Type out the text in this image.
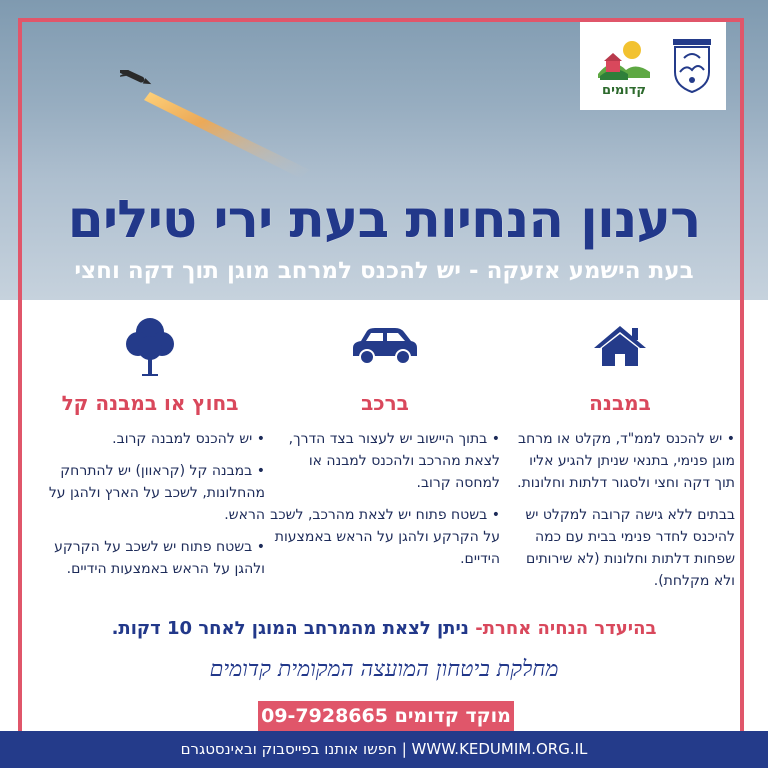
קדומים
רענון הנחיות בעת ירי טילים
בעת הישמע אזעקה - יש להכנס למרחב מוגן תוך דקה וחצי
במבנה

• יש להכנס לממ"ד, מקלט או מרחב מוגן פנימי, בתנאי שניתן להגיע אליו תוך דקה וחצי ולסגור דלתות וחלונות.

בבתים ללא גישה קרובה למקלט יש להיכנס לחדר פנימי בבית עם כמה שפחות דלתות וחלונות (לא שירותים ולא מקלחת).

ברכב

• בתוך היישוב יש לעצור בצד הדרך, לצאת מהרכב ולהכנס למבנה או למחסה קרוב.

• בשטח פתוח יש לצאת מהרכב, לשכב על הקרקע ולהגן על הראש באמצעות הידיים.

בחוץ או במבנה קל

• יש להכנס למבנה קרוב.

• במבנה קל (קראוון) יש להתרחק מהחלונות, לשכב על הארץ ולהגן על הראש.

• בשטח פתוח יש לשכב על הקרקע ולהגן על הראש באמצעות הידיים.

בהיעדר הנחיה אחרת- ניתן לצאת מהמרחב המוגן לאחר 10 דקות.
מחלקת ביטחון המועצה המקומית קדומים
מוקד קדומים 09-7928665
WWW.KEDUMIM.ORG.IL | חפשו אותנו בפייסבוק ובאינסטגרם
